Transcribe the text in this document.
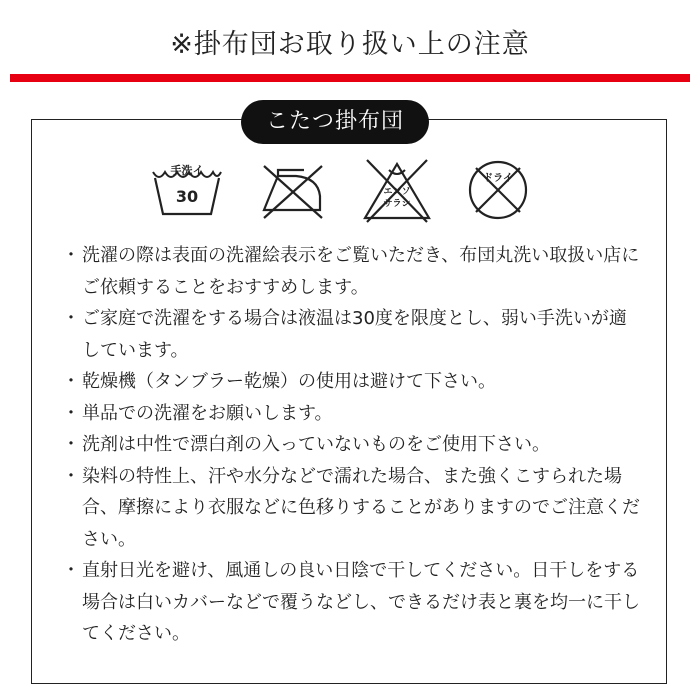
※掛布団お取り扱い上の注意
こたつ掛布団
手洗イ
30	エンソ
サラシ
ドライ
・ 洗濯の際は表面の洗濯絵表示をご覧いただき、布団丸洗い取扱い店にご依頼することをおすすめします。
・ ご家庭で洗濯をする場合は液温は30度を限度とし、弱い手洗いが適しています。
・ 乾燥機（タンブラー乾燥）の使用は避けて下さい。
・ 単品での洗濯をお願いします。
・ 洗剤は中性で漂白剤の入っていないものをご使用下さい。
・ 染料の特性上、汗や水分などで濡れた場合、また強くこすられた場合、摩擦により衣服などに色移りすることがありますのでご注意ください。
・ 直射日光を避け、風通しの良い日陰で干してください。日干しをする場合は白いカバーなどで覆うなどし、できるだけ表と裏を均一に干してください。
